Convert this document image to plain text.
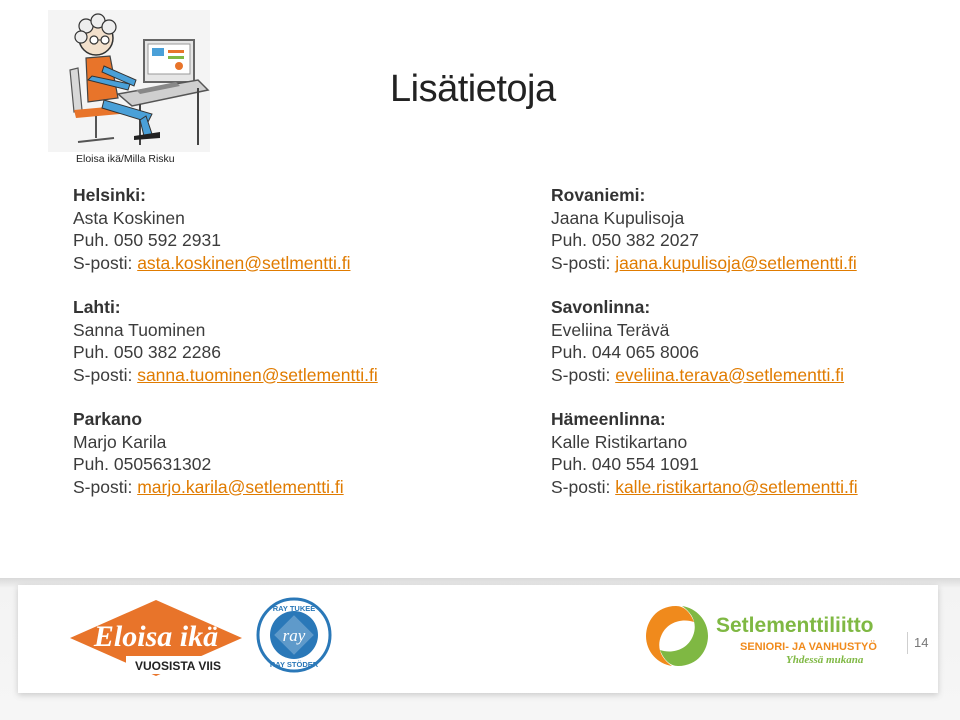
Eloisa ikä/Milla Risku
Lisätietoja
Helsinki:
Asta Koskinen
Puh. 050 592 2931
S-posti: asta.koskinen@setlmentti.fi
Lahti:
Sanna Tuominen
Puh. 050 382 2286
S-posti: sanna.tuominen@setlementti.fi
Parkano
Marjo Karila
Puh. 0505631302
S-posti: marjo.karila@setlementti.fi
Rovaniemi:
Jaana Kupulisoja
Puh. 050 382 2027
S-posti: jaana.kupulisoja@setlementti.fi
Savonlinna:
Eveliina Terävä
Puh. 044 065 8006
S-posti: eveliina.terava@setlementti.fi
Hämeenlinna:
Kalle Ristikartano
Puh. 040 554 1091
S-posti: kalle.ristikartano@setlementti.fi
Eloisa ikä
VUOSISTA VIIS
ray
RAY TUKEE
RAY STÖDER
Setlementtiliitto
SENIORI- JA VANHUSTYÖ
Yhdessä mukana
14
